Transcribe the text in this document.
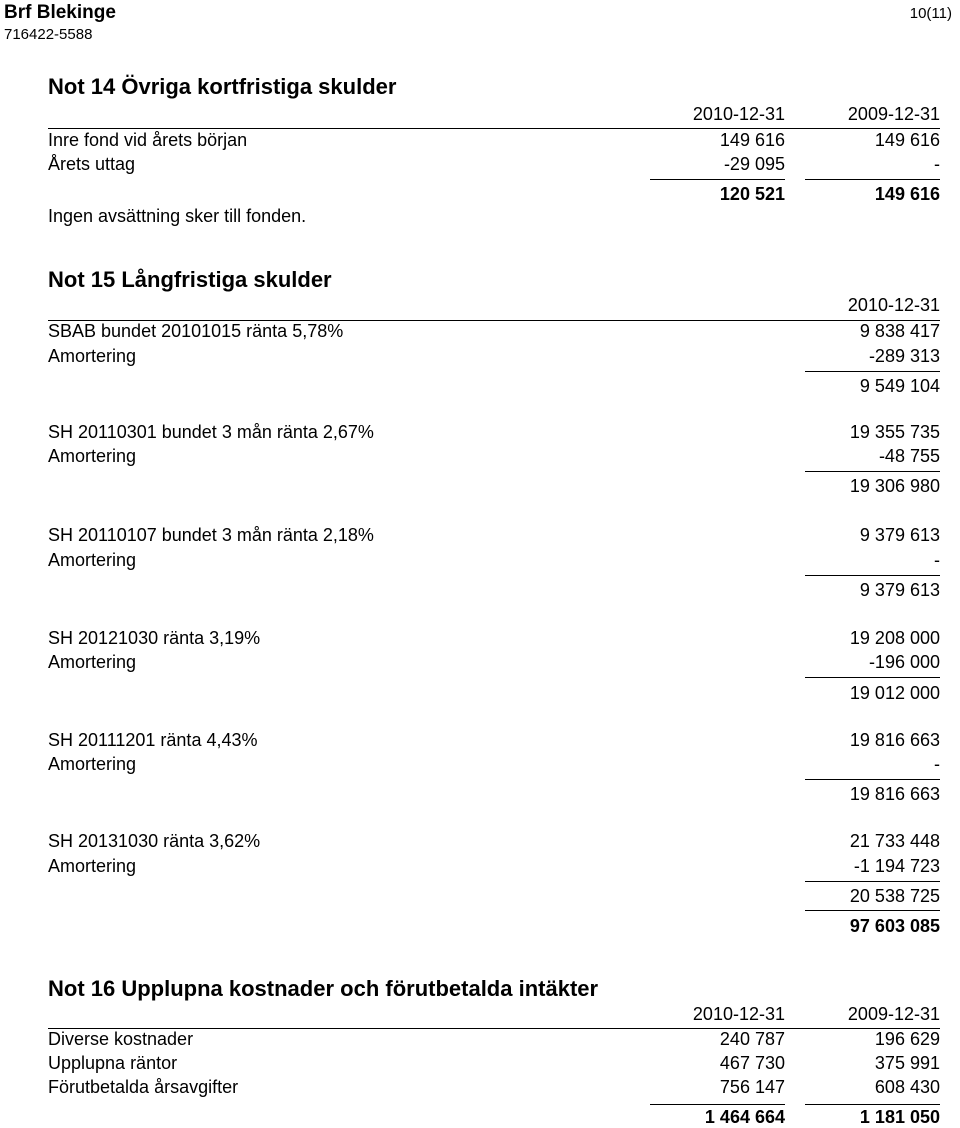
Brf Blekinge
716422-5588
10(11)
Not 14 Övriga kortfristiga skulder
2010-12-31	2009-12-31
Inre fond vid årets början	149 616	149 616
Årets uttag	-29 095	-
120 521	149 616
Ingen avsättning sker till fonden.
Not 15 Långfristiga skulder
2010-12-31
SBAB bundet 20101015 ränta 5,78%	9 838 417
Amortering	-289 313
9 549 104
SH 20110301 bundet 3 mån ränta 2,67%	19 355 735
Amortering	-48 755
19 306 980
SH 20110107 bundet 3 mån ränta 2,18%	9 379 613
Amortering	-
9 379 613
SH 20121030 ränta 3,19%	19 208 000
Amortering	-196 000
19 012 000
SH 20111201 ränta 4,43%	19 816 663
Amortering	-
19 816 663
SH 20131030 ränta 3,62%	21 733 448
Amortering	-1 194 723
20 538 725
97 603 085
Not 16 Upplupna kostnader och förutbetalda intäkter
2010-12-31	2009-12-31
Diverse kostnader	240 787	196 629
Upplupna räntor	467 730	375 991
Förutbetalda årsavgifter	756 147	608 430
1 464 664	1 181 050
